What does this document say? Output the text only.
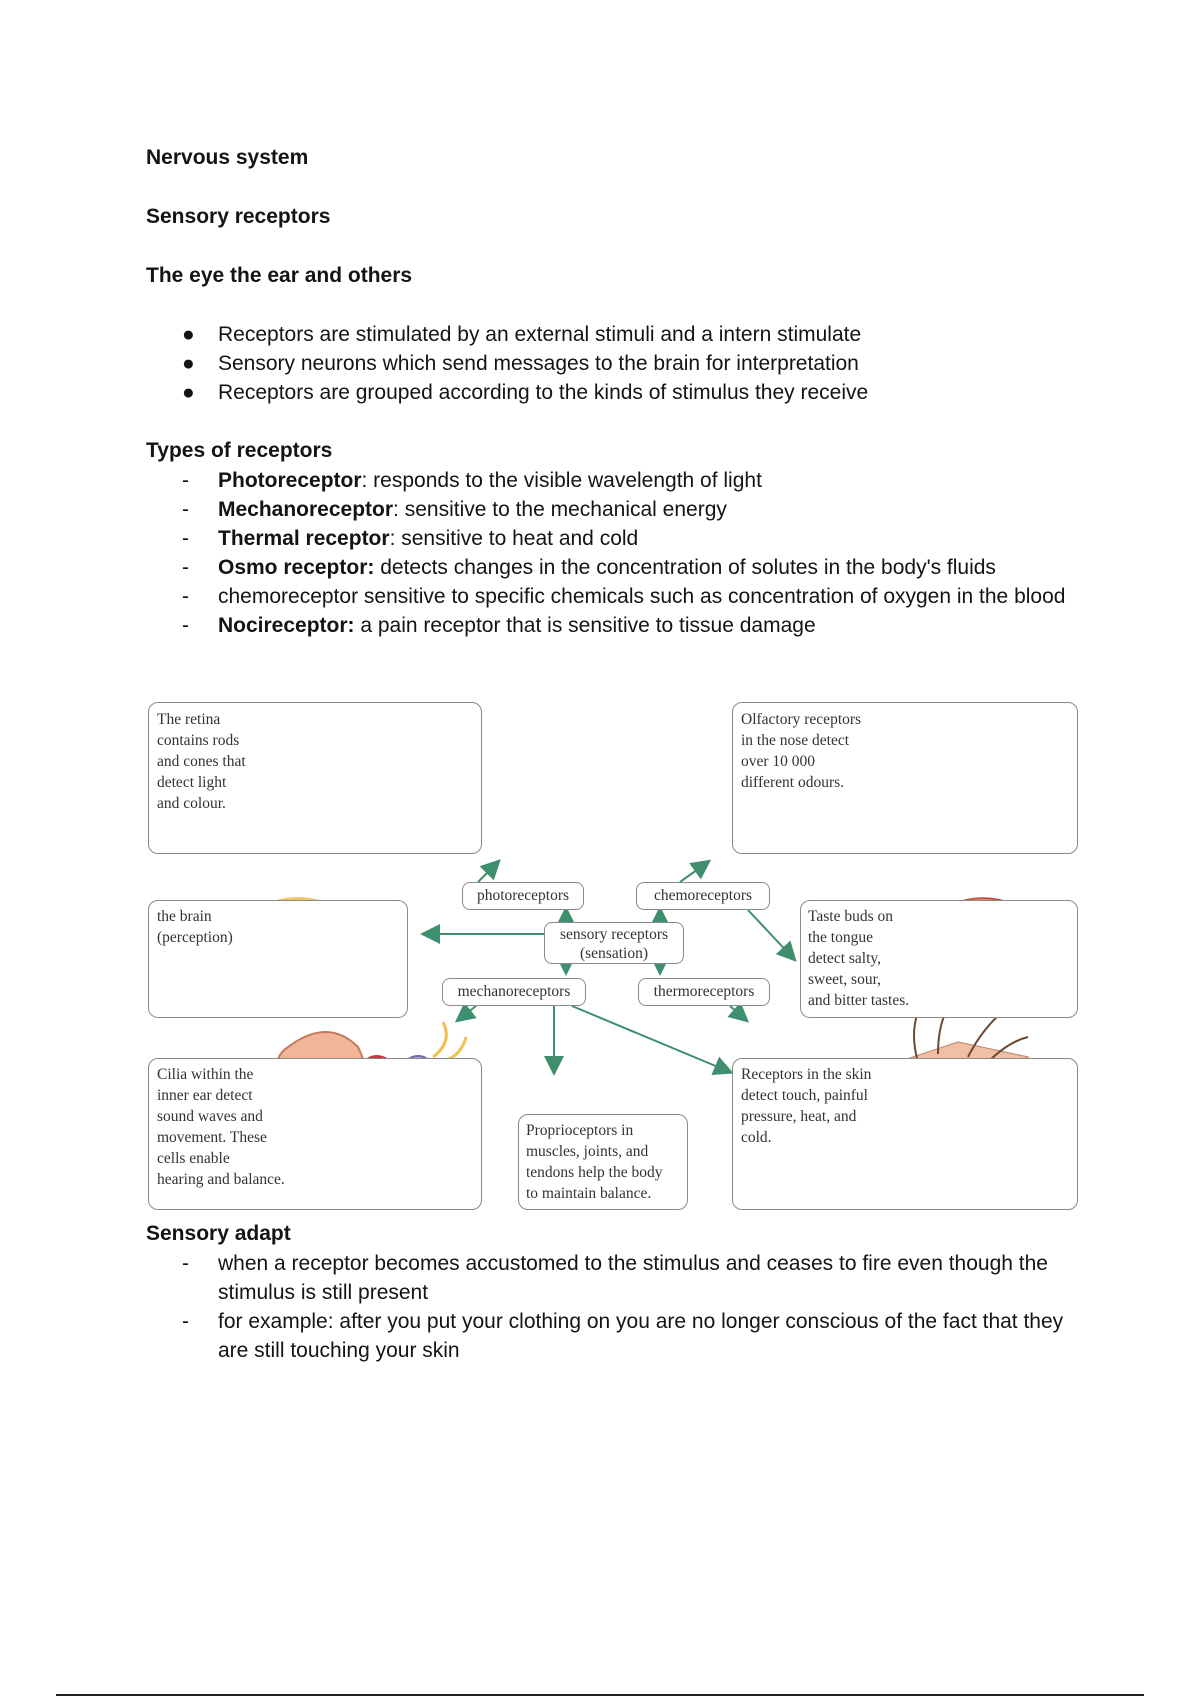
Nervous system
Sensory receptors
The eye the ear and others
● Receptors are stimulated by an external stimuli and a intern stimulate
● Sensory neurons which send messages to the brain for interpretation
● Receptors are grouped according to the kinds of stimulus they receive
Types of receptors
- Photoreceptor: responds to the visible wavelength of light
- Mechanoreceptor: sensitive to the mechanical energy
- Thermal receptor: sensitive to heat and cold
- Osmo receptor: detects changes in the concentration of solutes in the body's fluids
- chemoreceptor sensitive to specific chemicals such as concentration of oxygen in the blood
- Nocireceptor: a pain receptor that is sensitive to tissue damage
The retina
contains rods
and cones that
detect light
and colour.
Olfactory receptors
in the nose detect
over 10 000
different odours.
the brain
(perception)
Taste buds on
the tongue
detect salty,
sweet, sour,
and bitter tastes.
Cilia within the
inner ear detect
sound waves and
movement. These
cells enable
hearing and balance.
Proprioceptors in
muscles, joints, and
tendons help the body
to maintain balance.
Receptors in the skin
detect touch, painful
pressure, heat, and
cold.
photoreceptors	chemoreceptors
sensory receptors
(sensation)
mechanoreceptors	thermoreceptors
Sensory adapt
- when a receptor becomes accustomed to the stimulus and ceases to fire even though the stimulus is still present
- for example: after you put your clothing on you are no longer conscious of the fact that they are still touching your skin
